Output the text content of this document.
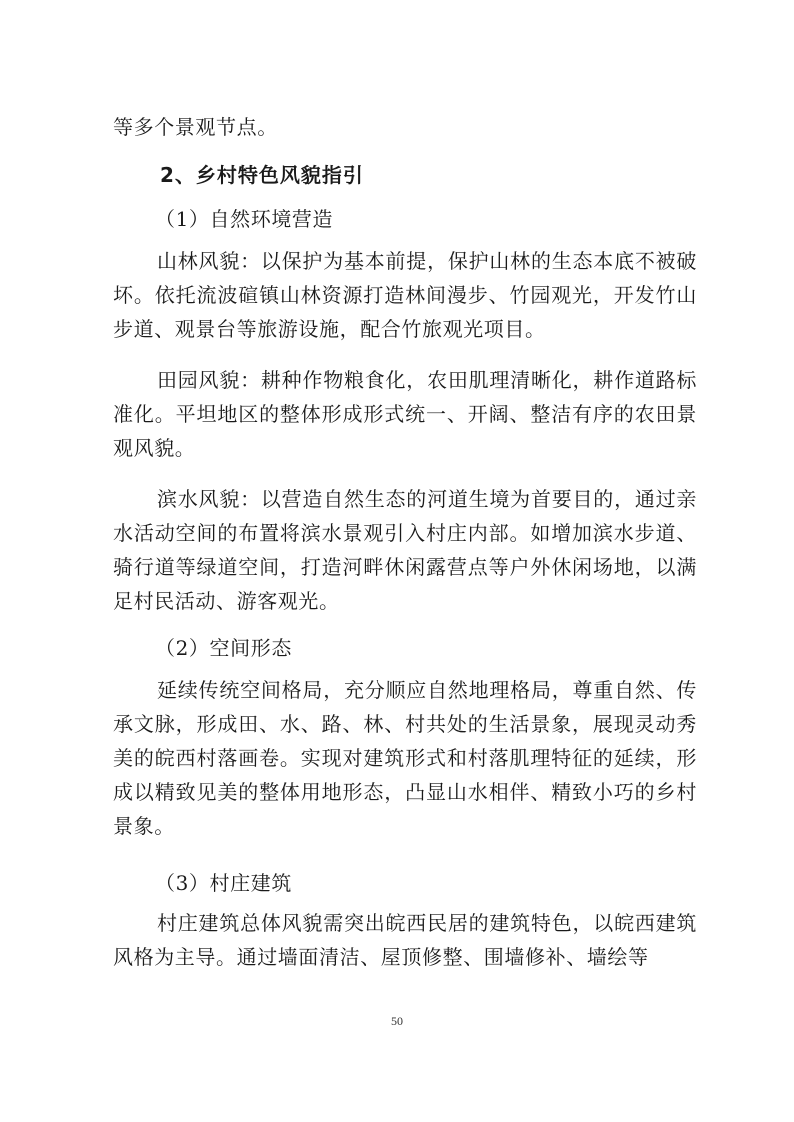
等多个景观节点。

2、乡村特色风貌指引

（1）自然环境营造

山林风貌：以保护为基本前提，保护山林的生态本底不被破坏。依托流波碹镇山林资源打造林间漫步、竹园观光，开发竹山步道、观景台等旅游设施，配合竹旅观光项目。

田园风貌：耕种作物粮食化，农田肌理清晰化，耕作道路标准化。平坦地区的整体形成形式统一、开阔、整洁有序的农田景观风貌。

滨水风貌：以营造自然生态的河道生境为首要目的，通过亲水活动空间的布置将滨水景观引入村庄内部。如增加滨水步道、骑行道等绿道空间，打造河畔休闲露营点等户外休闲场地，以满足村民活动、游客观光。

（2）空间形态

延续传统空间格局，充分顺应自然地理格局，尊重自然、传承文脉，形成田、水、路、林、村共处的生活景象，展现灵动秀美的皖西村落画卷。实现对建筑形式和村落肌理特征的延续，形成以精致见美的整体用地形态，凸显山水相伴、精致小巧的乡村景象。

（3）村庄建筑

村庄建筑总体风貌需突出皖西民居的建筑特色，以皖西建筑风格为主导。通过墙面清洁、屋顶修整、围墙修补、墙绘等

50
